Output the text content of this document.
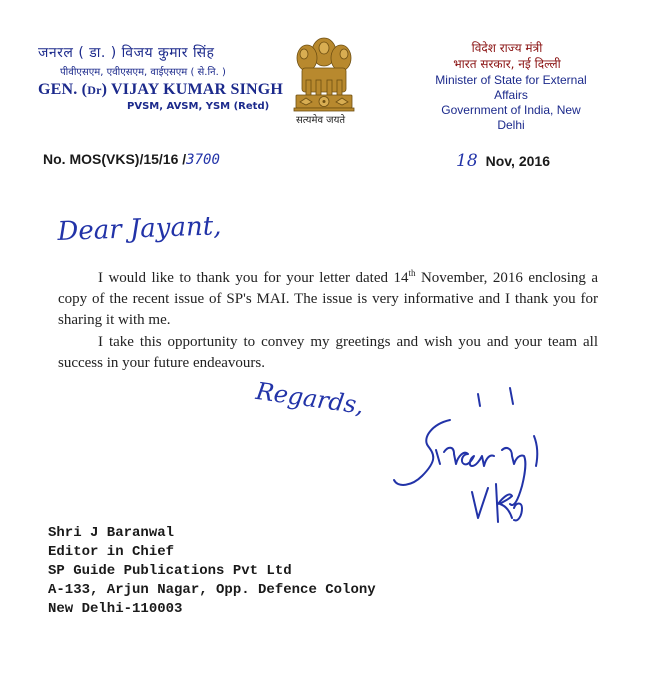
जनरल ( डा. ) विजय कुमार सिंह
पीवीएसएम, एवीएसएम, वाईएसएम ( से.नि. )
GEN. (Dr) VIJAY KUMAR SINGH
PVSM, AVSM, YSM (Retd)
सत्यमेव जयते
विदेश राज्य मंत्री
भारत सरकार, नई दिल्ली
Minister of State for External Affairs
Government of India, New Delhi
No. MOS(VKS)/15/16 /3700	18 Nov, 2016
Dear Jayant,

I would like to thank you for your letter dated 14th November, 2016 enclosing a copy of the recent issue of SP's MAI. The issue is very informative and I thank you for sharing it with me.

I take this opportunity to convey my greetings and wish you and your team all success in your future endeavours.

Regards,
Shri J Baranwal
Editor in Chief
SP Guide Publications Pvt Ltd
A-133, Arjun Nagar, Opp. Defence Colony
New Delhi-110003
